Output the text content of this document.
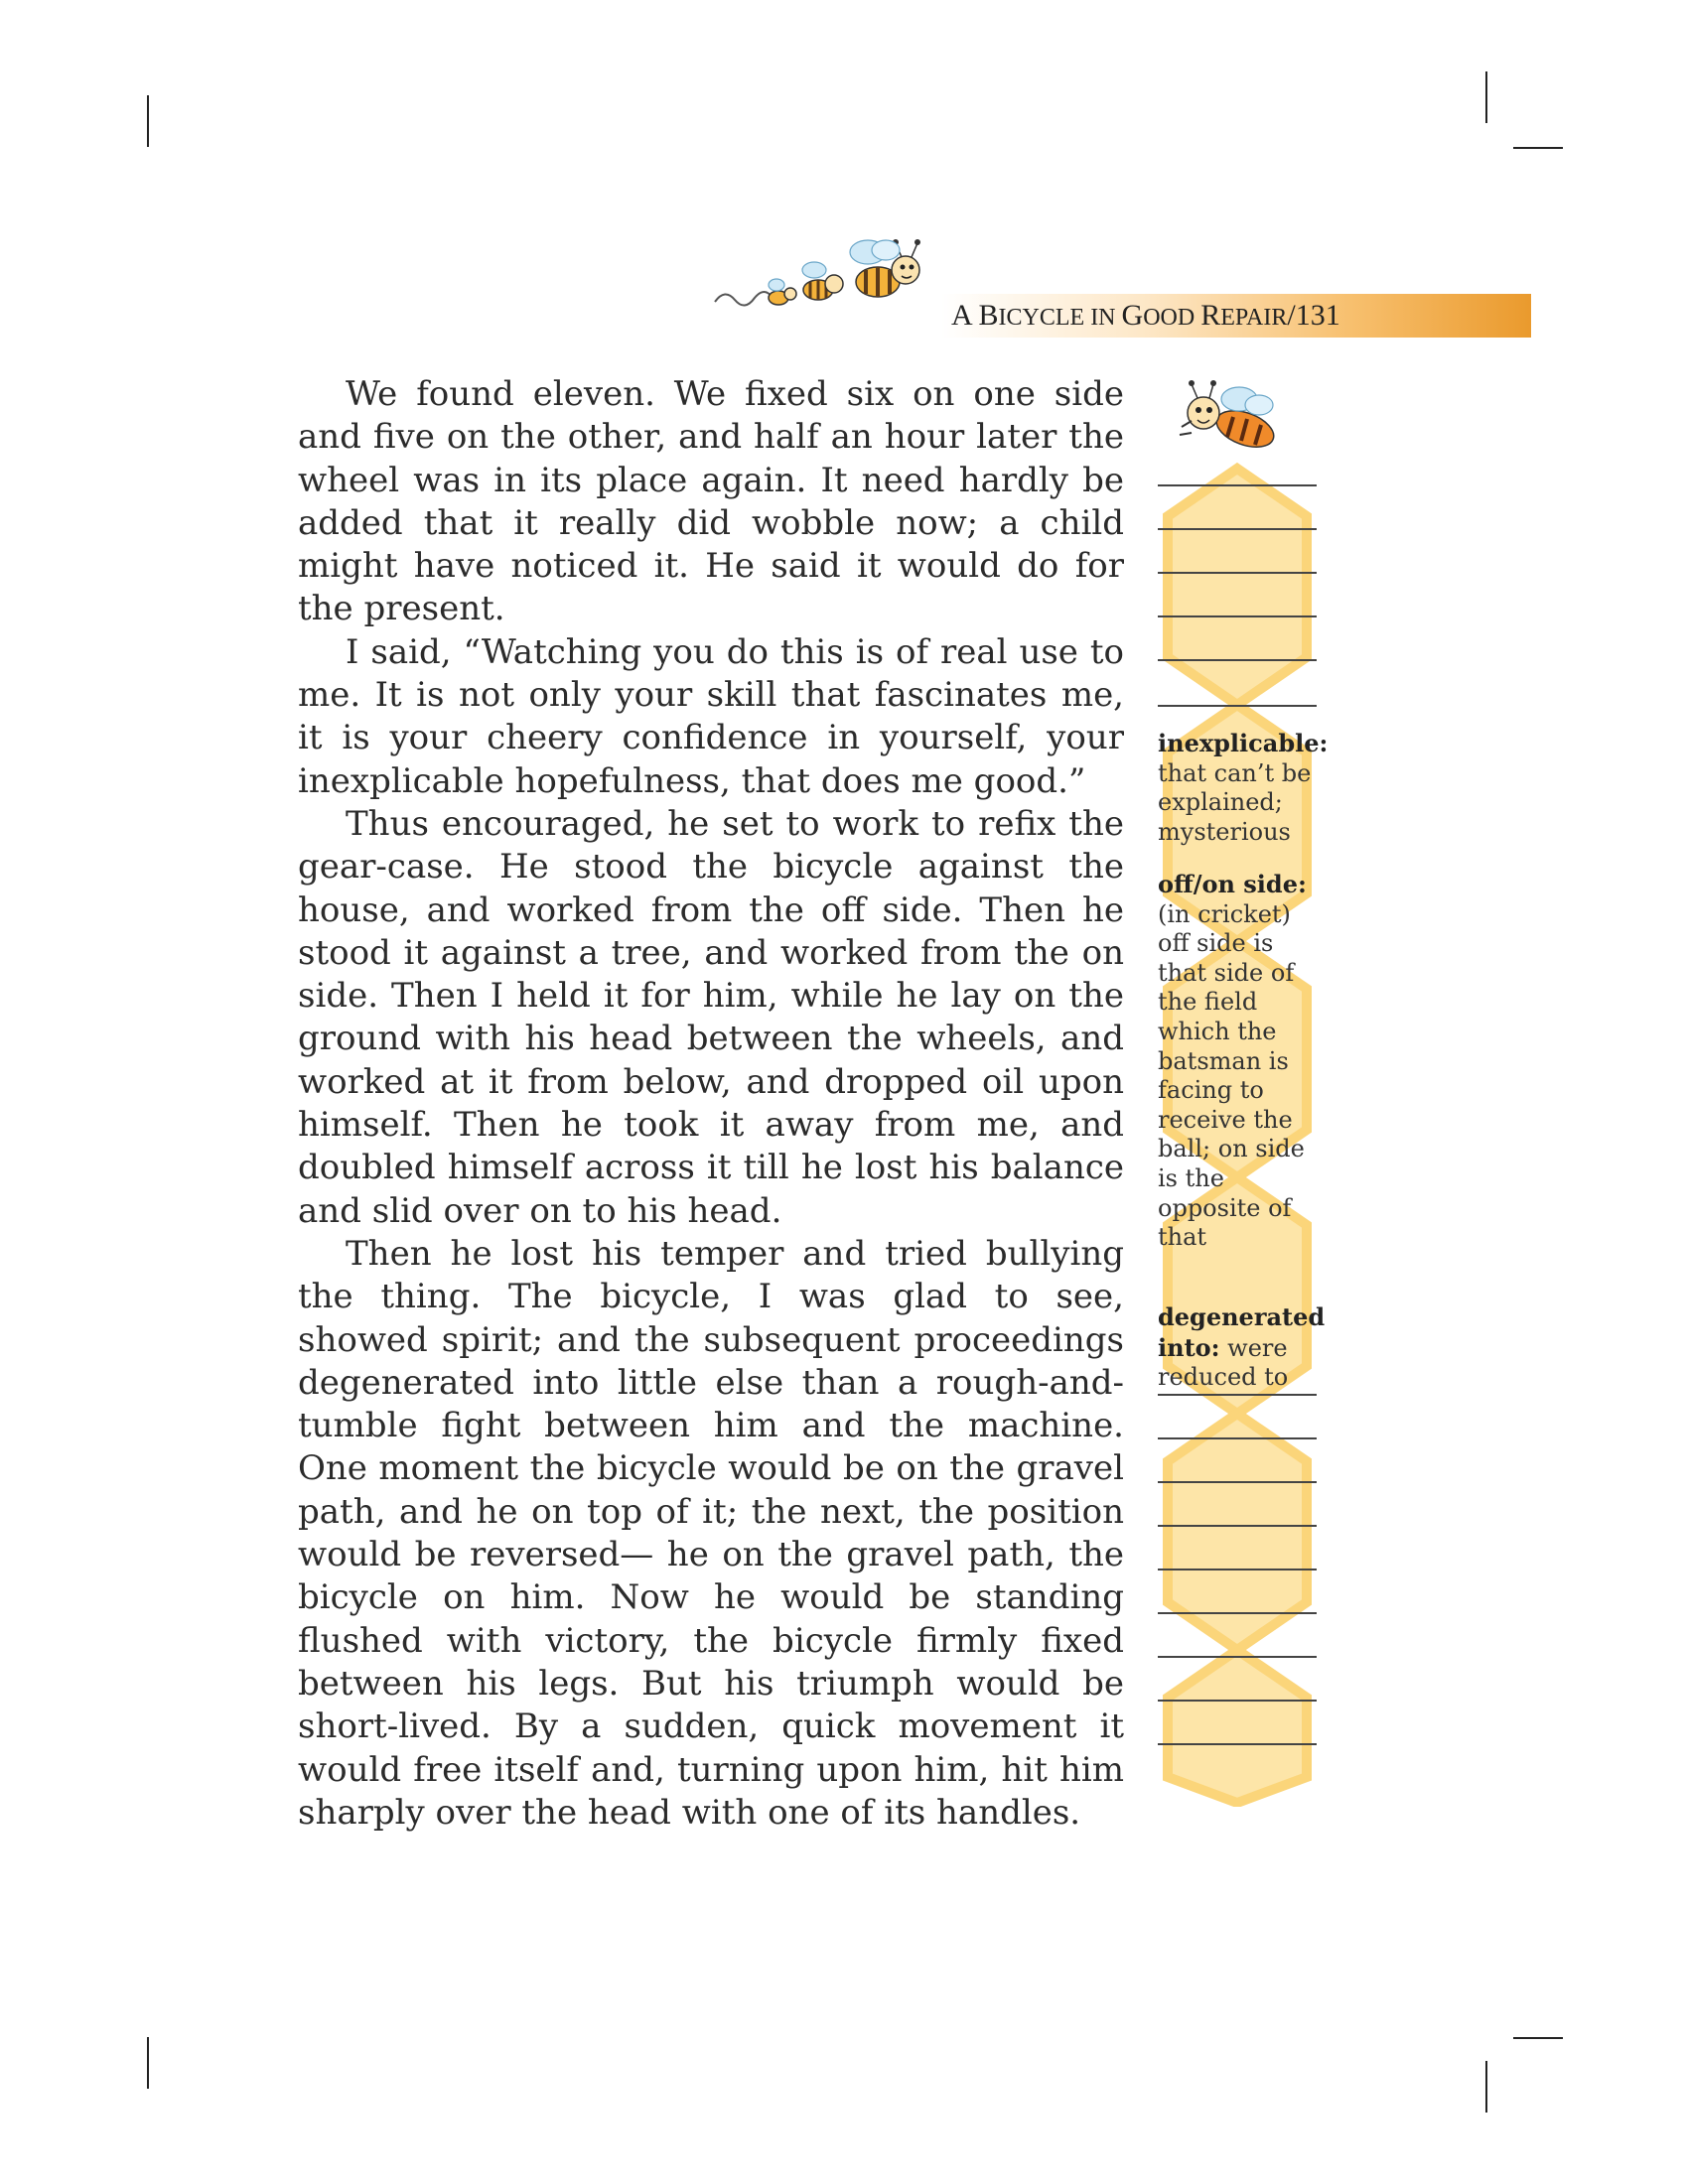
A BICYCLE IN GOOD REPAIR/131

We found eleven. We fixed six on one side and five on the other, and half an hour later the wheel was in its place again. It need hardly be added that it really did wobble now; a child might have noticed it. He said it would do for the present.

I said, “Watching you do this is of real use to me. It is not only your skill that fascinates me, it is your cheery confidence in yourself, your inexplicable hopefulness, that does me good.”

Thus encouraged, he set to work to refix the gear-case. He stood the bicycle against the house, and worked from the off side. Then he stood it against a tree, and worked from the on side. Then I held it for him, while he lay on the ground with his head between the wheels, and worked at it from below, and dropped oil upon himself. Then he took it away from me, and doubled himself across it till he lost his balance and slid over on to his head.

Then he lost his temper and tried bullying the thing. The bicycle, I was glad to see, showed spirit; and the subsequent proceedings degenerated into little else than a rough-and-tumble fight between him and the machine. One moment the bicycle would be on the gravel path, and he on top of it; the next, the position would be reversed— he on the gravel path, the bicycle on him. Now he would be standing flushed with victory, the bicycle firmly fixed between his legs. But his triumph would be short-lived. By a sudden, quick movement it would free itself and, turning upon him, hit him sharply over the head with one of its handles.

inexplicable: that can’t be explained; mysterious
off/on side: (in cricket) off side is that side of the field which the batsman is facing to receive the ball; on side is the opposite of that
degenerated into: were reduced to
